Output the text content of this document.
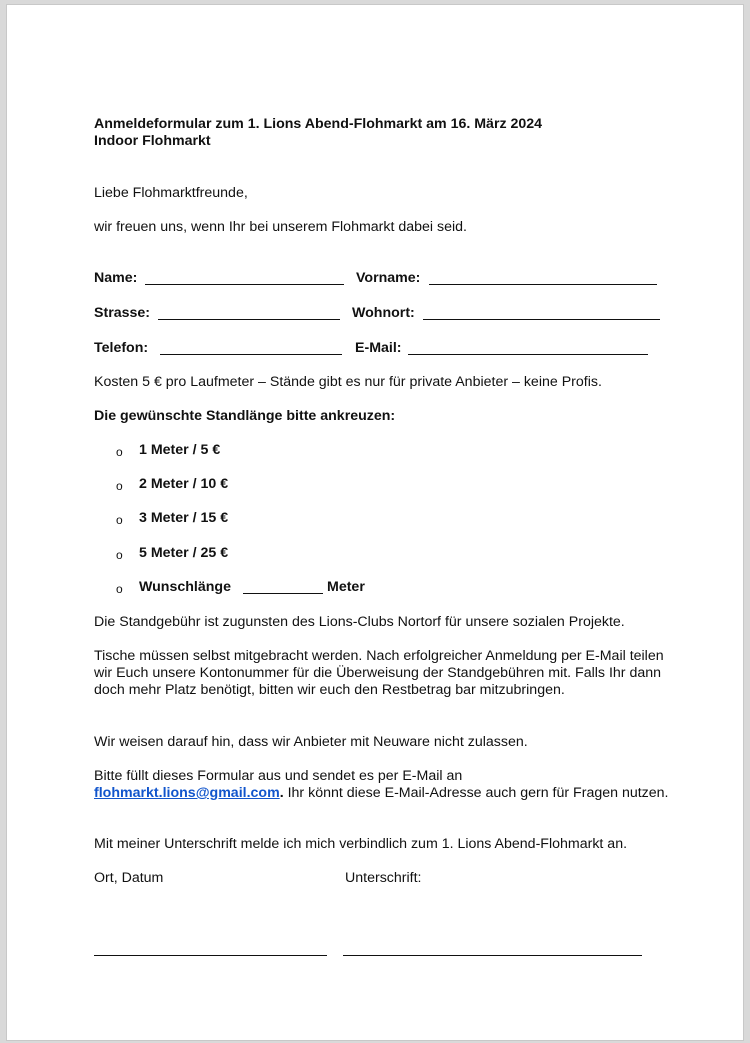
Anmeldeformular zum 1. Lions Abend-Flohmarkt am 16. März 2024
Indoor Flohmarkt
Liebe Flohmarktfreunde,
wir freuen uns, wenn Ihr bei unserem Flohmarkt dabei seid.
Name:	Vorname:
Strasse:	Wohnort:
Telefon:	E-Mail:
Kosten 5 € pro Laufmeter – Stände gibt es nur für private Anbieter – keine Profis.
Die gewünschte Standlänge bitte ankreuzen:
o 1 Meter / 5 €
o 2 Meter / 10 €
o 3 Meter / 15 €
o 5 Meter / 25 €
o Wunschlänge	Meter
Die Standgebühr ist zugunsten des Lions-Clubs Nortorf für unsere sozialen Projekte.
Tische müssen selbst mitgebracht werden. Nach erfolgreicher Anmeldung per E-Mail teilen wir Euch unsere Kontonummer für die Überweisung der Standgebühren mit. Falls Ihr dann doch mehr Platz benötigt, bitten wir euch den Restbetrag bar mitzubringen.
Wir weisen darauf hin, dass wir Anbieter mit Neuware nicht zulassen.
Bitte füllt dieses Formular aus und sendet es per E-Mail an
flohmarkt.lions@gmail.com. Ihr könnt diese E-Mail-Adresse auch gern für Fragen nutzen.
Mit meiner Unterschrift melde ich mich verbindlich zum 1. Lions Abend-Flohmarkt an.
Ort, Datum	Unterschrift:
